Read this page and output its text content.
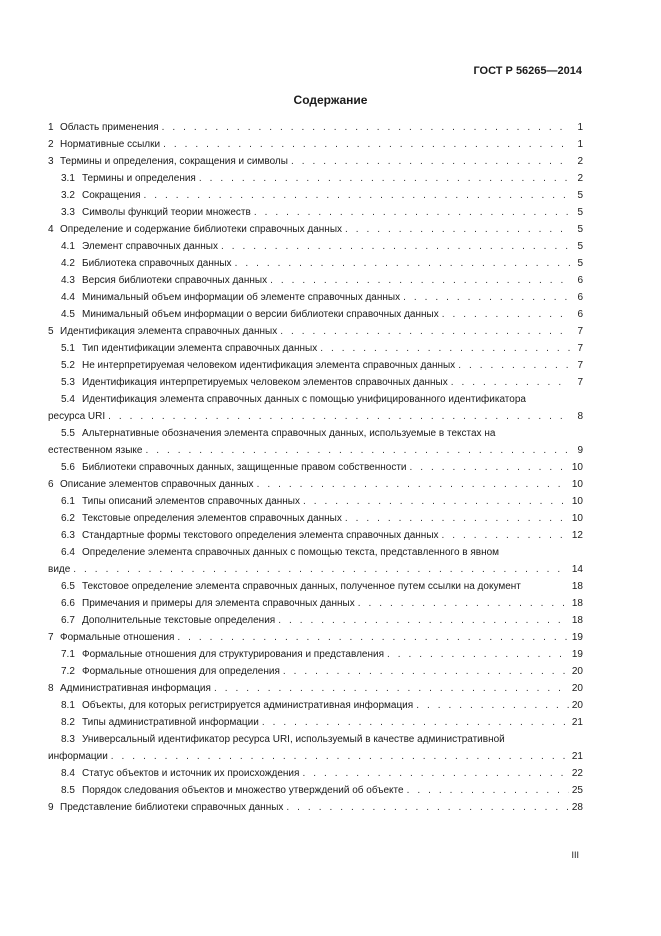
ГОСТ Р 56265—2014
Содержание
1 Область применения . . .	1
2 Нормативные ссылки . . .	1
3 Термины и определения, сокращения и символы . . .	2
3.1 Термины и определения . . .	2
3.2 Сокращения . . .	5
3.3 Символы функций теории множеств . . .	5
4 Определение и содержание библиотеки справочных данных . . .	5
4.1 Элемент справочных данных . . .	5
4.2 Библиотека справочных данных . . .	5
4.3 Версия библиотеки справочных данных . . .	6
4.4 Минимальный объем информации об элементе справочных данных . . .	6
4.5 Минимальный объем информации о версии библиотеки справочных данных . . .	6
5 Идентификация элемента справочных данных . . .	7
5.1 Тип идентификации элемента справочных данных . . .	7
5.2 Не интерпретируемая человеком идентификация элемента справочных данных . . .	7
5.3 Идентификация интерпретируемых человеком элементов справочных данных . . .	7
5.4 Идентификация элемента справочных данных с помощью унифицированного идентификатора
ресурса URI . . .	8
5.5 Альтернативные обозначения элемента справочных данных, используемые в текстах на
естественном языке . . .	9
5.6 Библиотеки справочных данных, защищенные правом собственности . . .	10
6 Описание элементов справочных данных . . .	10
6.1 Типы описаний элементов справочных данных . . .	10
6.2 Текстовые определения элементов справочных данных . . .	10
6.3 Стандартные формы текстового определения элемента справочных данных . . .	12
6.4 Определение элемента справочных данных с помощью текста, представленного в явном
виде . . .	14
6.5 Текстовое определение элемента справочных данных, полученное путем ссылки на документ	18
6.6 Примечания и примеры для элемента справочных данных . . .	18
6.7 Дополнительные текстовые определения . . .	18
7 Формальные отношения . . .	19
7.1 Формальные отношения для структурирования и представления . . .	19
7.2 Формальные отношения для определения . . .	20
8 Административная информация . . .	20
8.1 Объекты, для которых регистрируется административная информация . . .	20
8.2 Типы административной информации . . .	21
8.3 Универсальный идентификатор ресурса URI, используемый в качестве административной
информации . . .	21
8.4 Статус объектов и источник их происхождения . . .	22
8.5 Порядок следования объектов и множество утверждений об объекте . . .	25
9 Представление библиотеки справочных данных . . .	28
III
